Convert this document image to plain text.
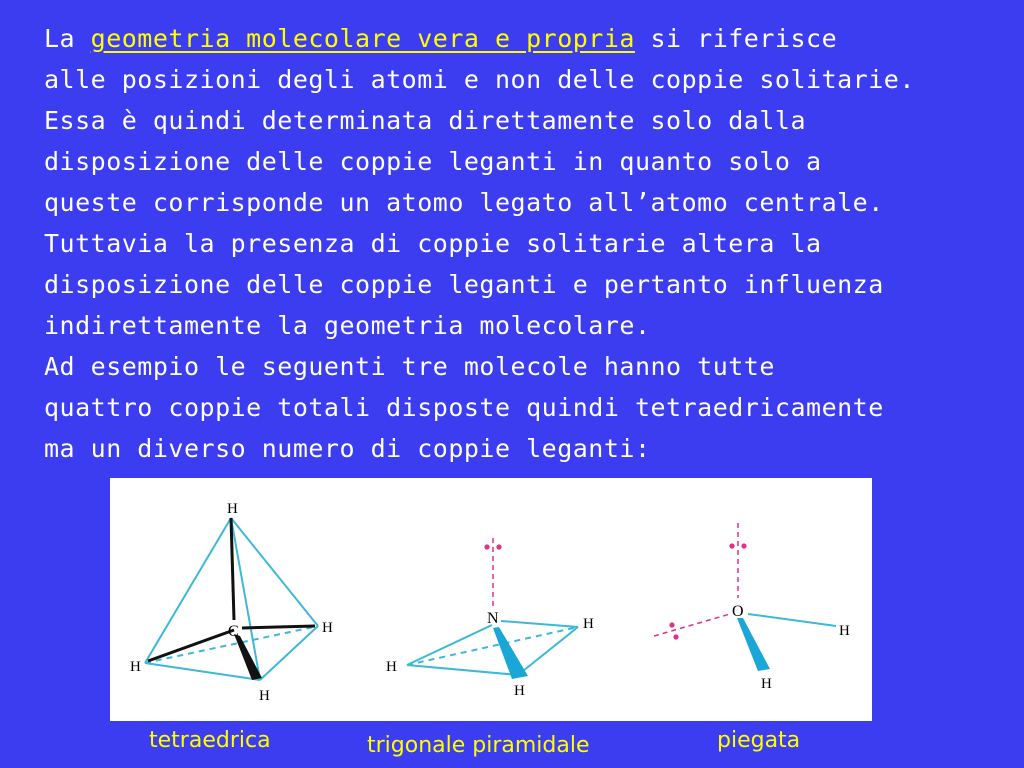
La geometria molecolare vera e propria si riferisce
alle posizioni degli atomi e non delle coppie solitarie.
Essa è quindi determinata direttamente solo dalla
disposizione delle coppie leganti in quanto solo a
queste corrisponde un atomo legato all’atomo centrale.
Tuttavia la presenza di coppie solitarie altera la
disposizione delle coppie leganti e pertanto influenza
indirettamente la geometria molecolare.
Ad esempio le seguenti tre molecole hanno tutte
quattro coppie totali disposte quindi tetraedricamente
ma un diverso numero di coppie leganti:
H
C	H
H
H
N	H
H
H
O
H
H
tetraedrica	trigonale piramidale	piegata
